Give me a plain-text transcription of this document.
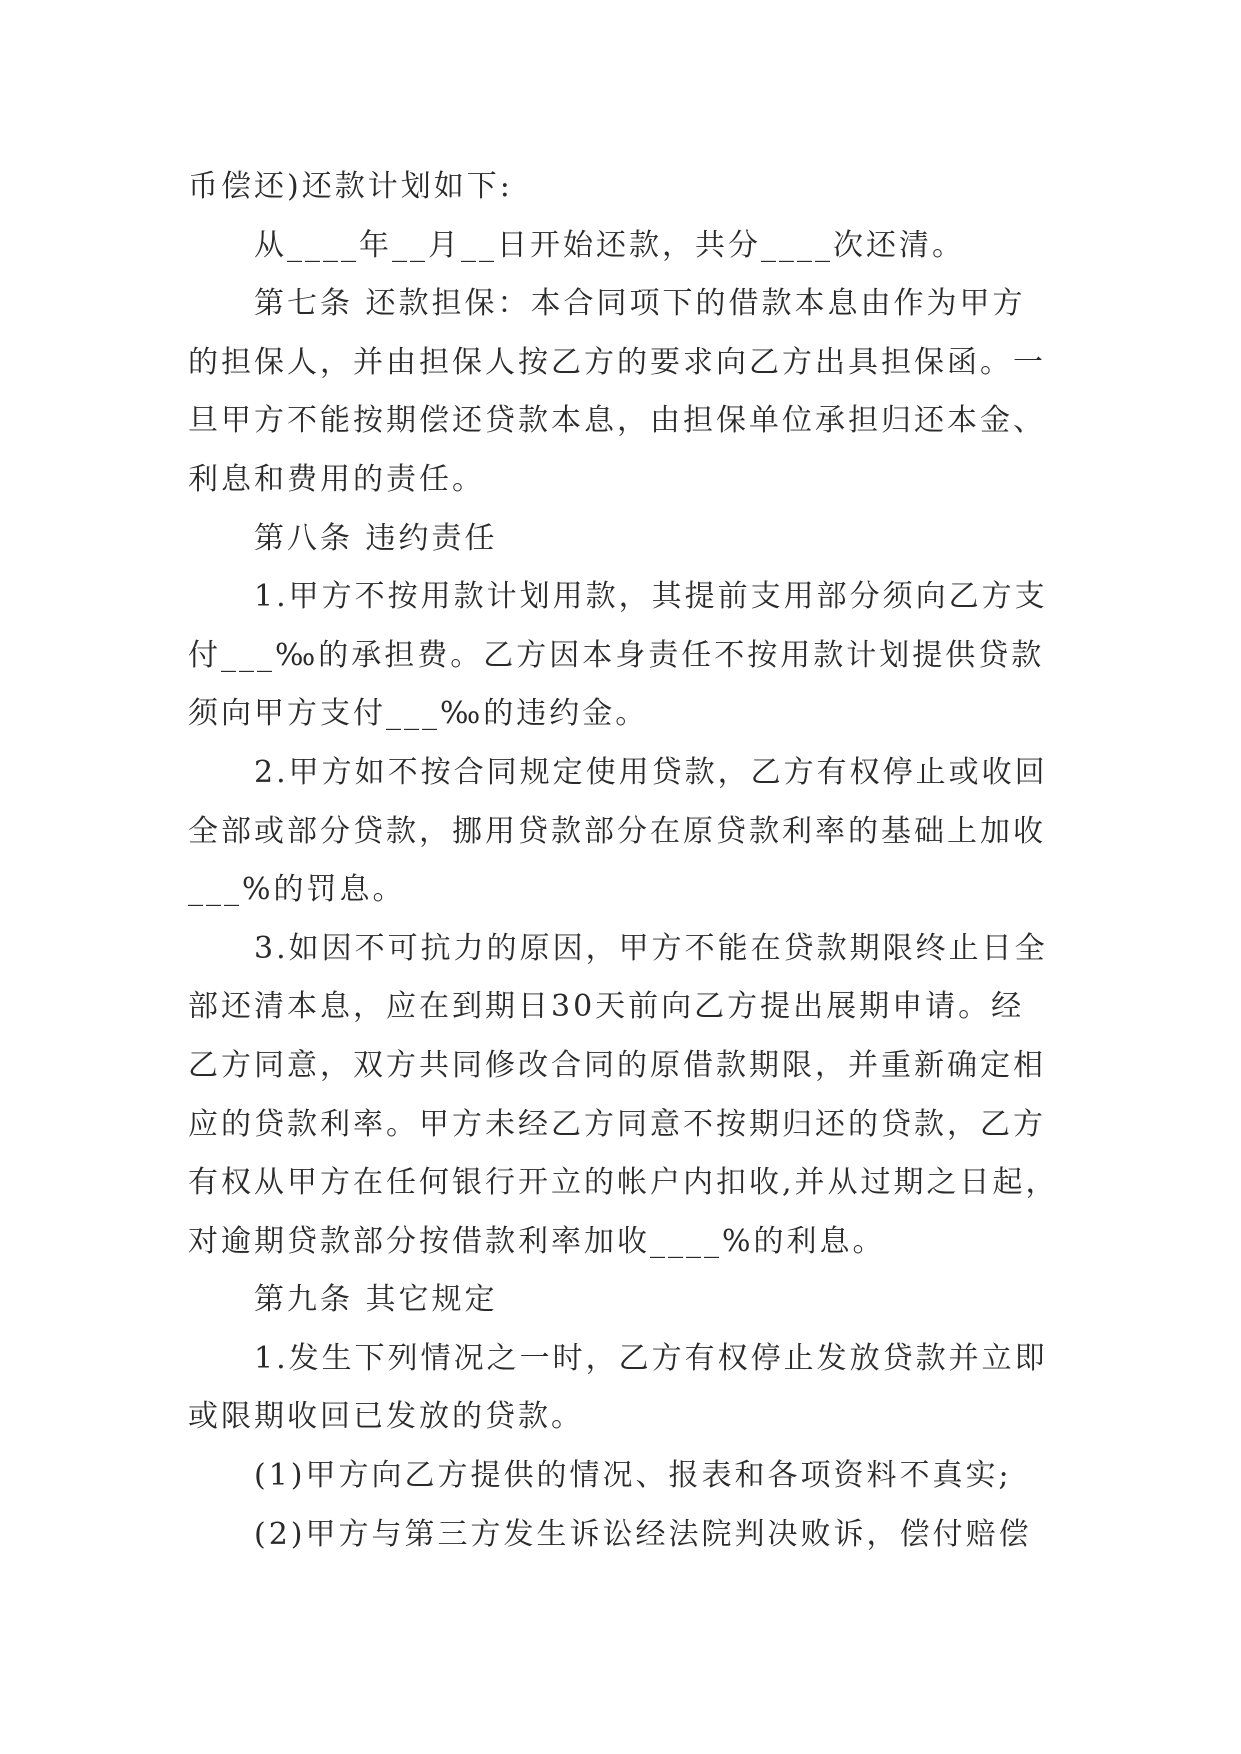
币偿还)还款计划如下:

从____年__月__日开始还款，共分____次还清。

第七条 还款担保：本合同项下的借款本息由作为甲方

的担保人，并由担保人按乙方的要求向乙方出具担保函。一

旦甲方不能按期偿还贷款本息，由担保单位承担归还本金、

利息和费用的责任。

第八条 违约责任

1.甲方不按用款计划用款，其提前支用部分须向乙方支

付___‰的承担费。乙方因本身责任不按用款计划提供贷款

须向甲方支付___‰的违约金。

2.甲方如不按合同规定使用贷款，乙方有权停止或收回

全部或部分贷款，挪用贷款部分在原贷款利率的基础上加收

___%的罚息。

3.如因不可抗力的原因，甲方不能在贷款期限终止日全

部还清本息，应在到期日30天前向乙方提出展期申请。经

乙方同意，双方共同修改合同的原借款期限，并重新确定相

应的贷款利率。甲方未经乙方同意不按期归还的贷款，乙方

有权从甲方在任何银行开立的帐户内扣收,并从过期之日起，

对逾期贷款部分按借款利率加收____%的利息。

第九条 其它规定

1.发生下列情况之一时，乙方有权停止发放贷款并立即

或限期收回已发放的贷款。

(1)甲方向乙方提供的情况、报表和各项资料不真实;

(2)甲方与第三方发生诉讼经法院判决败诉，偿付赔偿
